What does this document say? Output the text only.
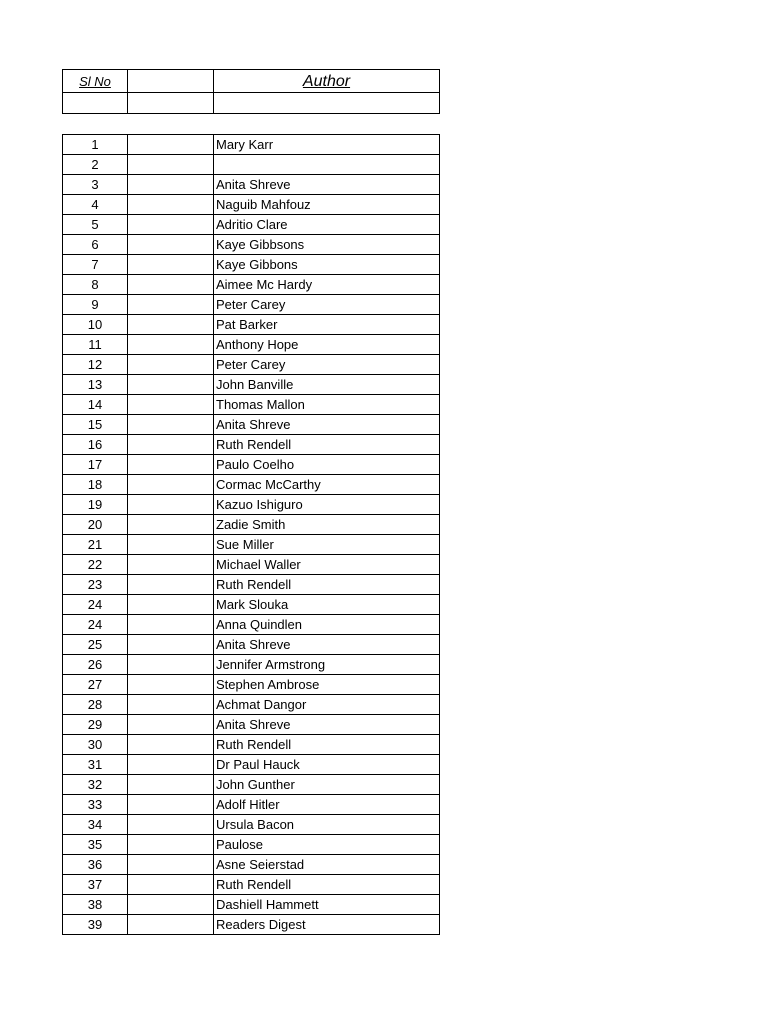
Sl No		Author

1		Mary Karr
2		
3		Anita Shreve
4		Naguib Mahfouz
5		Adritio Clare
6		Kaye Gibbsons
7		Kaye Gibbons
8		Aimee Mc Hardy
9		Peter Carey
10		Pat Barker
11		Anthony Hope
12		Peter Carey
13		John Banville
14		Thomas Mallon
15		Anita Shreve
16		Ruth Rendell
17		Paulo Coelho
18		Cormac McCarthy
19		Kazuo Ishiguro
20		Zadie Smith
21		Sue Miller
22		Michael Waller
23		Ruth Rendell
24		Mark Slouka
24		Anna Quindlen
25		Anita Shreve
26		Jennifer Armstrong
27		Stephen Ambrose
28		Achmat Dangor
29		Anita Shreve
30		Ruth Rendell
31		Dr Paul Hauck
32		John Gunther
33		Adolf Hitler
34		Ursula Bacon
35		Paulose
36		Asne Seierstad
37		Ruth Rendell
38		Dashiell Hammett
39		Readers Digest
